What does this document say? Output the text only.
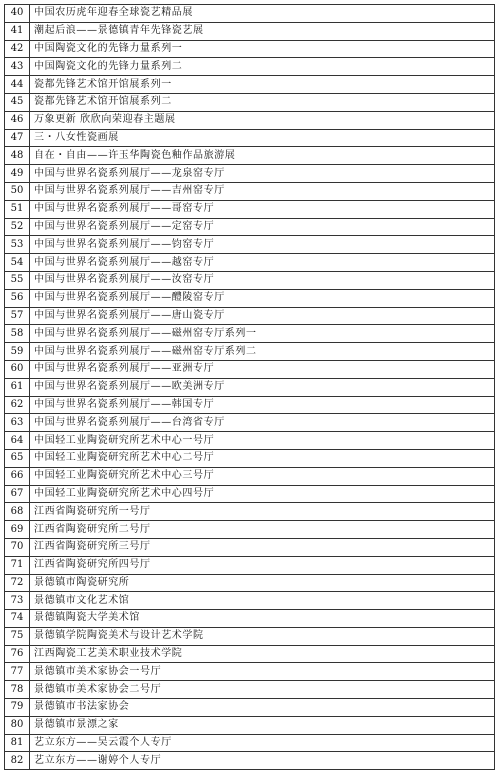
40	中国农历虎年迎春全球瓷艺精品展
41	潮起后浪——景德镇青年先锋瓷艺展
42	中国陶瓷文化的先锋力量系列一
43	中国陶瓷文化的先锋力量系列二
44	瓷都先锋艺术馆开馆展系列一
45	瓷都先锋艺术馆开馆展系列二
46	万象更新 欣欣向荣迎春主题展
47	三・八女性瓷画展
48	自在・自由——许玉华陶瓷色釉作品旅游展
49	中国与世界名瓷系列展厅——龙泉窑专厅
50	中国与世界名瓷系列展厅——吉州窑专厅
51	中国与世界名瓷系列展厅——哥窑专厅
52	中国与世界名瓷系列展厅——定窑专厅
53	中国与世界名瓷系列展厅——钧窑专厅
54	中国与世界名瓷系列展厅——越窑专厅
55	中国与世界名瓷系列展厅——汝窑专厅
56	中国与世界名瓷系列展厅——醴陵窑专厅
57	中国与世界名瓷系列展厅——唐山瓷专厅
58	中国与世界名瓷系列展厅——磁州窑专厅系列一
59	中国与世界名瓷系列展厅——磁州窑专厅系列二
60	中国与世界名瓷系列展厅——亚洲专厅
61	中国与世界名瓷系列展厅——欧美洲专厅
62	中国与世界名瓷系列展厅——韩国专厅
63	中国与世界名瓷系列展厅——台湾省专厅
64	中国轻工业陶瓷研究所艺术中心一号厅
65	中国轻工业陶瓷研究所艺术中心二号厅
66	中国轻工业陶瓷研究所艺术中心三号厅
67	中国轻工业陶瓷研究所艺术中心四号厅
68	江西省陶瓷研究所一号厅
69	江西省陶瓷研究所二号厅
70	江西省陶瓷研究所三号厅
71	江西省陶瓷研究所四号厅
72	景德镇市陶瓷研究所
73	景德镇市文化艺术馆
74	景德镇陶瓷大学美术馆
75	景德镇学院陶瓷美术与设计艺术学院
76	江西陶瓷工艺美术职业技术学院
77	景德镇市美术家协会一号厅
78	景德镇市美术家协会二号厅
79	景德镇市书法家协会
80	景德镇市景漂之家
81	艺立东方——吴云霞个人专厅
82	艺立东方——谢婷个人专厅
